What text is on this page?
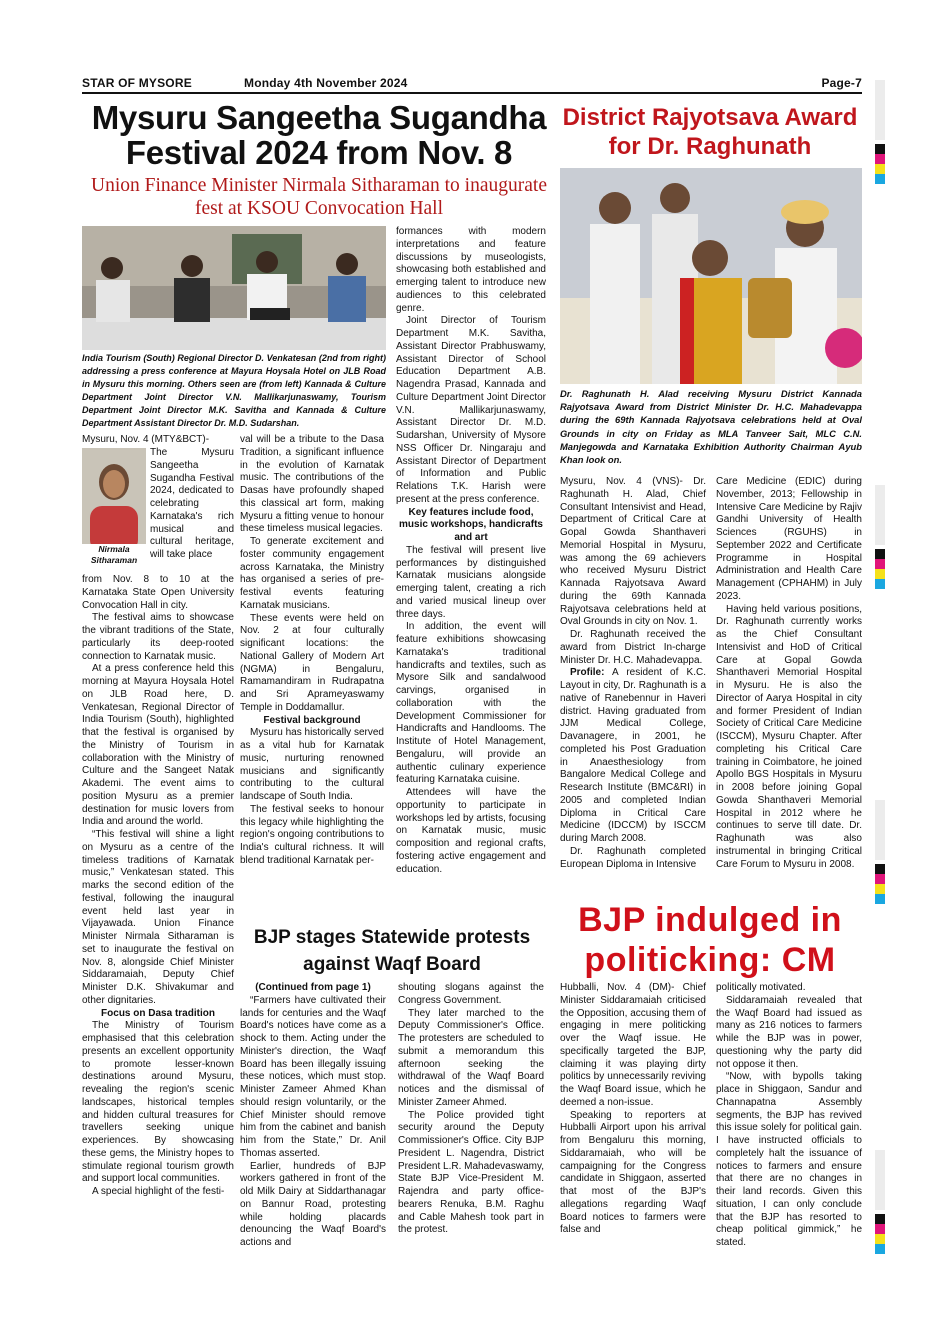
STAR OF MYSORE	Monday 4th November 2024	Page-7
Mysuru Sangeetha Sugandha Festival 2024 from Nov. 8
Union Finance Minister Nirmala Sitharaman to inaugurate fest at KSOU Convocation Hall
India Tourism (South) Regional Director D. Venkatesan (2nd from right) addressing a press conference at Mayura Hoysala Hotel on JLB Road in Mysuru this morning. Others seen are (from left) Kannada & Culture Department Joint Director V.N. Mallikarjunaswamy, Tourism Department Joint Director M.K. Savitha and Kannada & Culture Department Assistant Director Dr. M.D. Sudarshan.
Nirmala Sitharaman
Mysuru, Nov. 4 (MTY&BCT)-
The Mysuru Sangeetha Sugandha Festival 2024, dedicated to celebrating Karnataka's rich musical and cultural heritage, will take place

from Nov. 8 to 10 at the Karnataka State Open University Convocation Hall in city.

The festival aims to showcase the vibrant traditions of the State, particularly its deep-rooted connection to Karnatak music.

At a press conference held this morning at Mayura Hoysala Hotel on JLB Road here, D. Venkatesan, Regional Director of India Tourism (South), highlighted that the festival is organised by the Ministry of Tourism in collaboration with the Ministry of Culture and the Sangeet Natak Akademi. The event aims to position Mysuru as a premier destination for music lovers from India and around the world.

“This festival will shine a light on Mysuru as a centre of the timeless traditions of Karnatak music,” Venkatesan stated. This marks the second edition of the festival, following the inaugural event held last year in Vijayawada. Union Finance Minister Nirmala Sitharaman is set to inaugurate the festival on Nov. 8, alongside Chief Minister Siddaramaiah, Deputy Chief Minister D.K. Shivakumar and other dignitaries.

Focus on Dasa tradition

The Ministry of Tourism emphasised that this celebration presents an excellent opportunity to promote lesser-known destinations around Mysuru, revealing the region's scenic landscapes, historical temples and hidden cultural treasures for travellers seeking unique experiences. By showcasing these gems, the Ministry hopes to stimulate regional tourism growth and support local communities.

A special highlight of the festi-

val will be a tribute to the Dasa Tradition, a significant influence in the evolution of Karnatak music. The contributions of the Dasas have profoundly shaped this classical art form, making Mysuru a fitting venue to honour these timeless musical legacies.

To generate excitement and foster community engagement across Karnataka, the Ministry has organised a series of pre-festival events featuring Karnatak musicians.

These events were held on Nov. 2 at four culturally significant locations: the National Gallery of Modern Art (NGMA) in Bengaluru, Ramamandiram in Rudrapatna and Sri Aprameyaswamy Temple in Doddamallur.

Festival background

Mysuru has historically served as a vital hub for Karnatak music, nurturing renowned musicians and significantly contributing to the cultural landscape of South India.

The festival seeks to honour this legacy while highlighting the region's ongoing contributions to India's cultural richness. It will blend traditional Karnatak per-

formances with modern interpretations and feature discussions by museologists, showcasing both established and emerging talent to introduce new audiences to this celebrated genre.

Joint Director of Tourism Department M.K. Savitha, Assistant Director Prabhuswamy, Assistant Director of School Education Department A.B. Nagendra Prasad, Kannada and Culture Department Joint Director V.N. Mallikarjunaswamy, Assistant Director Dr. M.D. Sudarshan, University of Mysore NSS Officer Dr. Ningaraju and Assistant Director of Department of Information and Public Relations T.K. Harish were present at the press conference.

Key features include food, music workshops, handicrafts and art

The festival will present live performances by distinguished Karnatak musicians alongside emerging talent, creating a rich and varied musical lineup over three days.

In addition, the event will feature exhibitions showcasing Karnataka's traditional handicrafts and textiles, such as Mysore Silk and sandalwood carvings, organised in collaboration with the Development Commissioner for Handicrafts and Handlooms. The Institute of Hotel Management, Bengaluru, will provide an authentic culinary experience featuring Karnataka cuisine.

Attendees will have the opportunity to participate in workshops led by artists, focusing on Karnatak music, music composition and regional crafts, fostering active engagement and education.

District Rajyotsava Award for Dr. Raghunath
Dr. Raghunath H. Alad receiving Mysuru District Kannada Rajyotsava Award from District Minister Dr. H.C. Mahadevappa during the 69th Kannada Rajyotsava celebrations held at Oval Grounds in city on Friday as MLA Tanveer Sait, MLC C.N. Manjegowda and Karnataka Exhibition Authority Chairman Ayub Khan look on.

Mysuru, Nov. 4 (VNS)- Dr. Raghunath H. Alad, Chief Consultant Intensivist and Head, Department of Critical Care at Gopal Gowda Shanthaveri Memorial Hospital in Mysuru, was among the 69 achievers who received Mysuru District Kannada Rajyotsava Award during the 69th Kannada Rajyotsava celebrations held at Oval Grounds in city on Nov. 1.

Dr. Raghunath received the award from District In-charge Minister Dr. H.C. Mahadevappa.

Profile: A resident of K.C. Layout in city, Dr. Raghunath is a native of Ranebennur in Haveri district. Having graduated from JJM Medical College, Davanagere, in 2001, he completed his Post Graduation in Anaesthesiology from Bangalore Medical College and Research Institute (BMC&RI) in 2005 and completed Indian Diploma in Critical Care Medicine (IDCCM) by ISCCM during March 2008.

Dr. Raghunath completed European Diploma in Intensive

Care Medicine (EDIC) during November, 2013; Fellowship in Intensive Care Medicine by Rajiv Gandhi University of Health Sciences (RGUHS) in September 2022 and Certificate Programme in Hospital Administration and Health Care Management (CPHAHM) in July 2023.

Having held various positions, Dr. Raghunath currently works as the Chief Consultant Intensivist and HoD of Critical Care at Gopal Gowda Shanthaveri Memorial Hospital in Mysuru. He is also the Director of Aarya Hospital in city and former President of Indian Society of Critical Care Medicine (ISCCM), Mysuru Chapter. After completing his Critical Care training in Coimbatore, he joined Apollo BGS Hospitals in Mysuru in 2008 before joining Gopal Gowda Shanthaveri Memorial Hospital in 2012 where he continues to serve till date. Dr. Raghunath was also instrumental in bringing Critical Care Forum to Mysuru in 2008.

BJP stages Statewide protests against Waqf Board

(Continued from page 1)

“Farmers have cultivated their lands for centuries and the Waqf Board's notices have come as a shock to them. Acting under the Minister's direction, the Waqf Board has been illegally issuing these notices, which must stop. Minister Zameer Ahmed Khan should resign voluntarily, or the Chief Minister should remove him from the cabinet and banish him from the State,” Dr. Anil Thomas asserted.

Earlier, hundreds of BJP workers gathered in front of the old Milk Dairy at Siddarthanagar on Bannur Road, protesting while holding placards denouncing the Waqf Board's actions and

shouting slogans against the Congress Government.

They later marched to the Deputy Commissioner's Office. The protesters are scheduled to submit a memorandum this afternoon seeking the withdrawal of the Waqf Board notices and the dismissal of Minister Zameer Ahmed.

The Police provided tight security around the Deputy Commissioner's Office. City BJP President L. Nagendra, District President L.R. Mahadevaswamy, State BJP Vice-President M. Rajendra and party office-bearers Renuka, B.M. Raghu and Cable Mahesh took part in the protest.

BJP indulged in politicking: CM

Hubballi, Nov. 4 (DM)- Chief Minister Siddaramaiah criticised the Opposition, accusing them of engaging in mere politicking over the Waqf issue. He specifically targeted the BJP, claiming it was playing dirty politics by unnecessarily reviving the Waqf Board issue, which he deemed a non-issue.

Speaking to reporters at Hubballi Airport upon his arrival from Bengaluru this morning, Siddaramaiah, who will be campaigning for the Congress candidate in Shiggaon, asserted that most of the BJP's allegations regarding Waqf Board notices to farmers were false and

politically motivated.

Siddaramaiah revealed that the Waqf Board had issued as many as 216 notices to farmers while the BJP was in power, questioning why the party did not oppose it then.

“Now, with bypolls taking place in Shiggaon, Sandur and Channapatna Assembly segments, the BJP has revived this issue solely for political gain. I have instructed officials to completely halt the issuance of notices to farmers and ensure that there are no changes in their land records. Given this situation, I can only conclude that the BJP has resorted to cheap political gimmick,” he stated.
